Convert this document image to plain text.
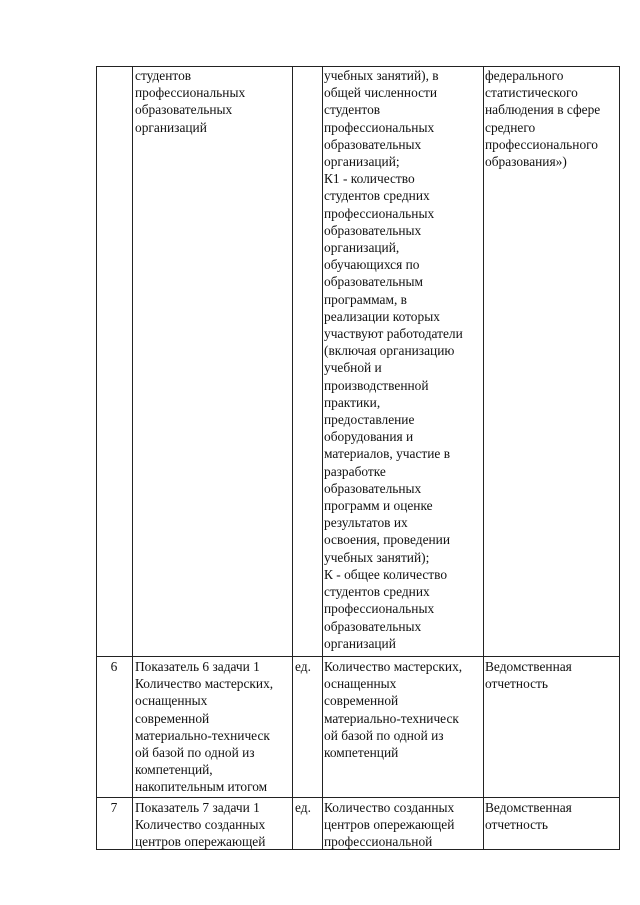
студентов
профессиональных
образовательных
организаций
учебных занятий), в
общей численности
студентов
профессиональных
образовательных
организаций;
К1 - количество
студентов средних
профессиональных
образовательных
организаций,
обучающихся по
образовательным
программам, в
реализации которых
участвуют работодатели
(включая организацию
учебной и
производственной
практики,
предоставление
оборудования и
материалов, участие в
разработке
образовательных
программ и оценке
результатов их
освоения, проведении
учебных занятий);
К - общее количество
студентов средних
профессиональных
образовательных
организаций
федерального
статистического
наблюдения в сфере
среднего
профессионального
образования»)
6	Показатель 6 задачи 1
Количество мастерских,
оснащенных
современной
материально-техническ
ой базой по одной из
компетенций,
накопительным итогом
ед. Количество мастерских,
оснащенных
современной
материально-техническ
ой базой по одной из
компетенций
Ведомственная
отчетность
7	Показатель 7 задачи 1
Количество созданных
центров опережающей
ед. Количество созданных
центров опережающей
профессиональной
Ведомственная
отчетность
